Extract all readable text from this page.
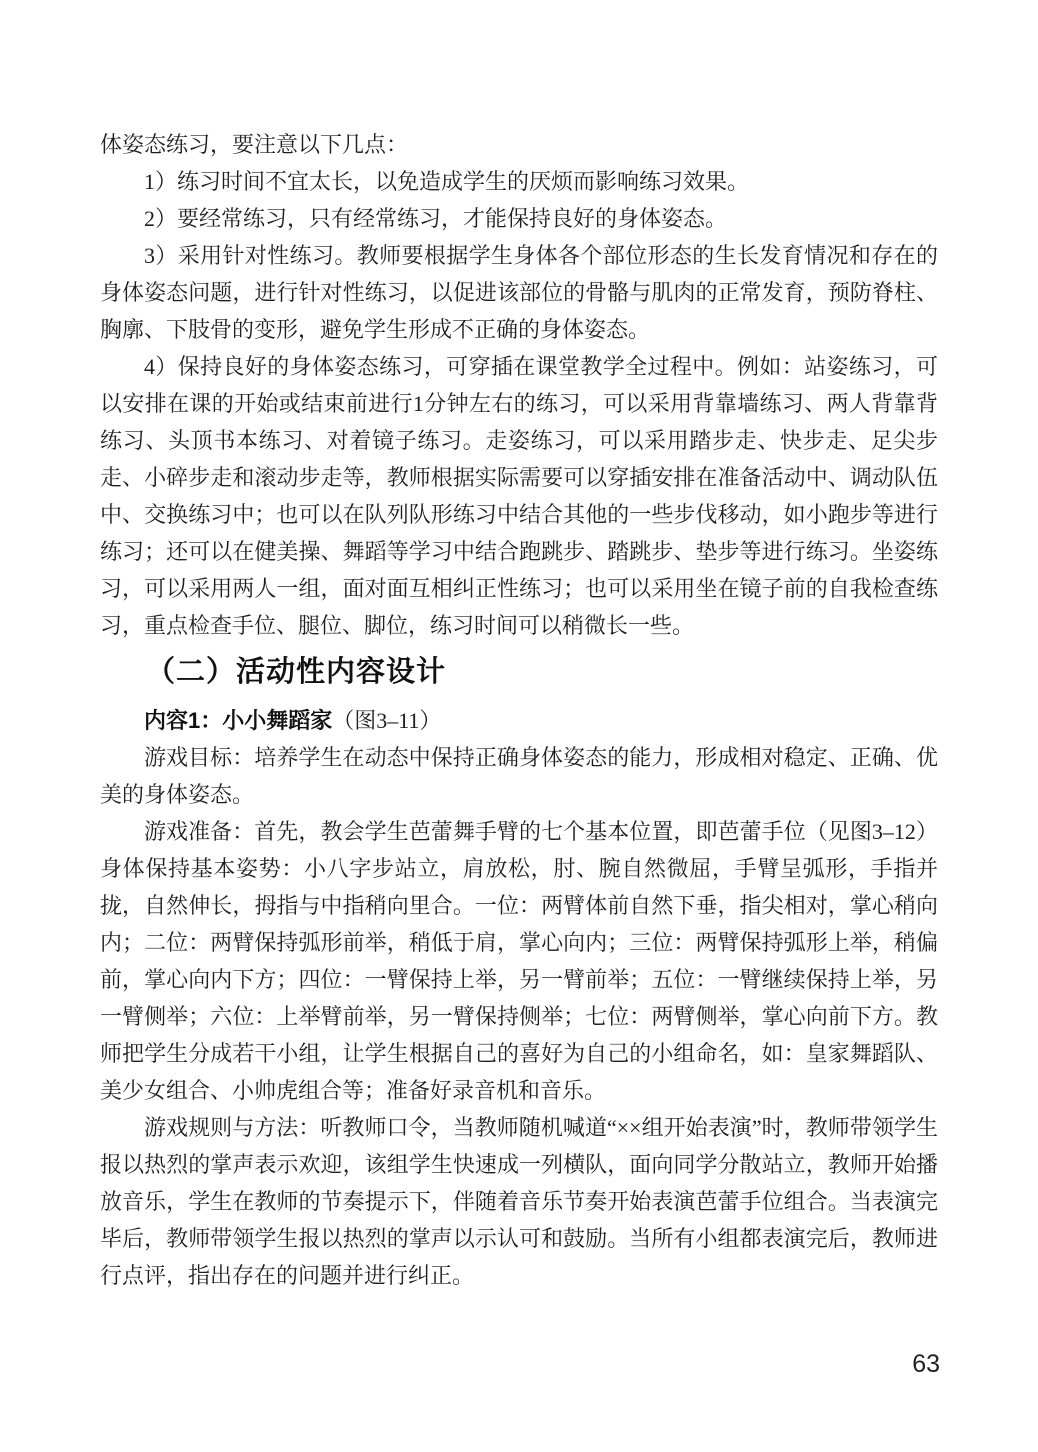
体姿态练习，要注意以下几点：

1）练习时间不宜太长，以免造成学生的厌烦而影响练习效果。

2）要经常练习，只有经常练习，才能保持良好的身体姿态。

3）采用针对性练习。教师要根据学生身体各个部位形态的生长发育情况和存在的身体姿态问题，进行针对性练习，以促进该部位的骨骼与肌肉的正常发育，预防脊柱、胸廓、下肢骨的变形，避免学生形成不正确的身体姿态。

4）保持良好的身体姿态练习，可穿插在课堂教学全过程中。例如：站姿练习，可以安排在课的开始或结束前进行1分钟左右的练习，可以采用背靠墙练习、两人背靠背练习、头顶书本练习、对着镜子练习。走姿练习，可以采用踏步走、快步走、足尖步走、小碎步走和滚动步走等，教师根据实际需要可以穿插安排在准备活动中、调动队伍中、交换练习中；也可以在队列队形练习中结合其他的一些步伐移动，如小跑步等进行练习；还可以在健美操、舞蹈等学习中结合跑跳步、踏跳步、垫步等进行练习。坐姿练习，可以采用两人一组，面对面互相纠正性练习；也可以采用坐在镜子前的自我检查练习，重点检查手位、腿位、脚位，练习时间可以稍微长一些。

（二）活动性内容设计

内容1：小小舞蹈家（图3–11）

游戏目标：培养学生在动态中保持正确身体姿态的能力，形成相对稳定、正确、优美的身体姿态。

游戏准备：首先，教会学生芭蕾舞手臂的七个基本位置，即芭蕾手位（见图3–12）身体保持基本姿势：小八字步站立，肩放松，肘、腕自然微屈，手臂呈弧形，手指并拢，自然伸长，拇指与中指稍向里合。一位：两臂体前自然下垂，指尖相对，掌心稍向内；二位：两臂保持弧形前举，稍低于肩，掌心向内；三位：两臂保持弧形上举，稍偏前，掌心向内下方；四位：一臂保持上举，另一臂前举；五位：一臂继续保持上举，另一臂侧举；六位：上举臂前举，另一臂保持侧举；七位：两臂侧举，掌心向前下方。教师把学生分成若干小组，让学生根据自己的喜好为自己的小组命名，如：皇家舞蹈队、美少女组合、小帅虎组合等；准备好录音机和音乐。

游戏规则与方法：听教师口令，当教师随机喊道“××组开始表演”时，教师带领学生报以热烈的掌声表示欢迎，该组学生快速成一列横队，面向同学分散站立，教师开始播放音乐，学生在教师的节奏提示下，伴随着音乐节奏开始表演芭蕾手位组合。当表演完毕后，教师带领学生报以热烈的掌声以示认可和鼓励。当所有小组都表演完后，教师进行点评，指出存在的问题并进行纠正。

63
